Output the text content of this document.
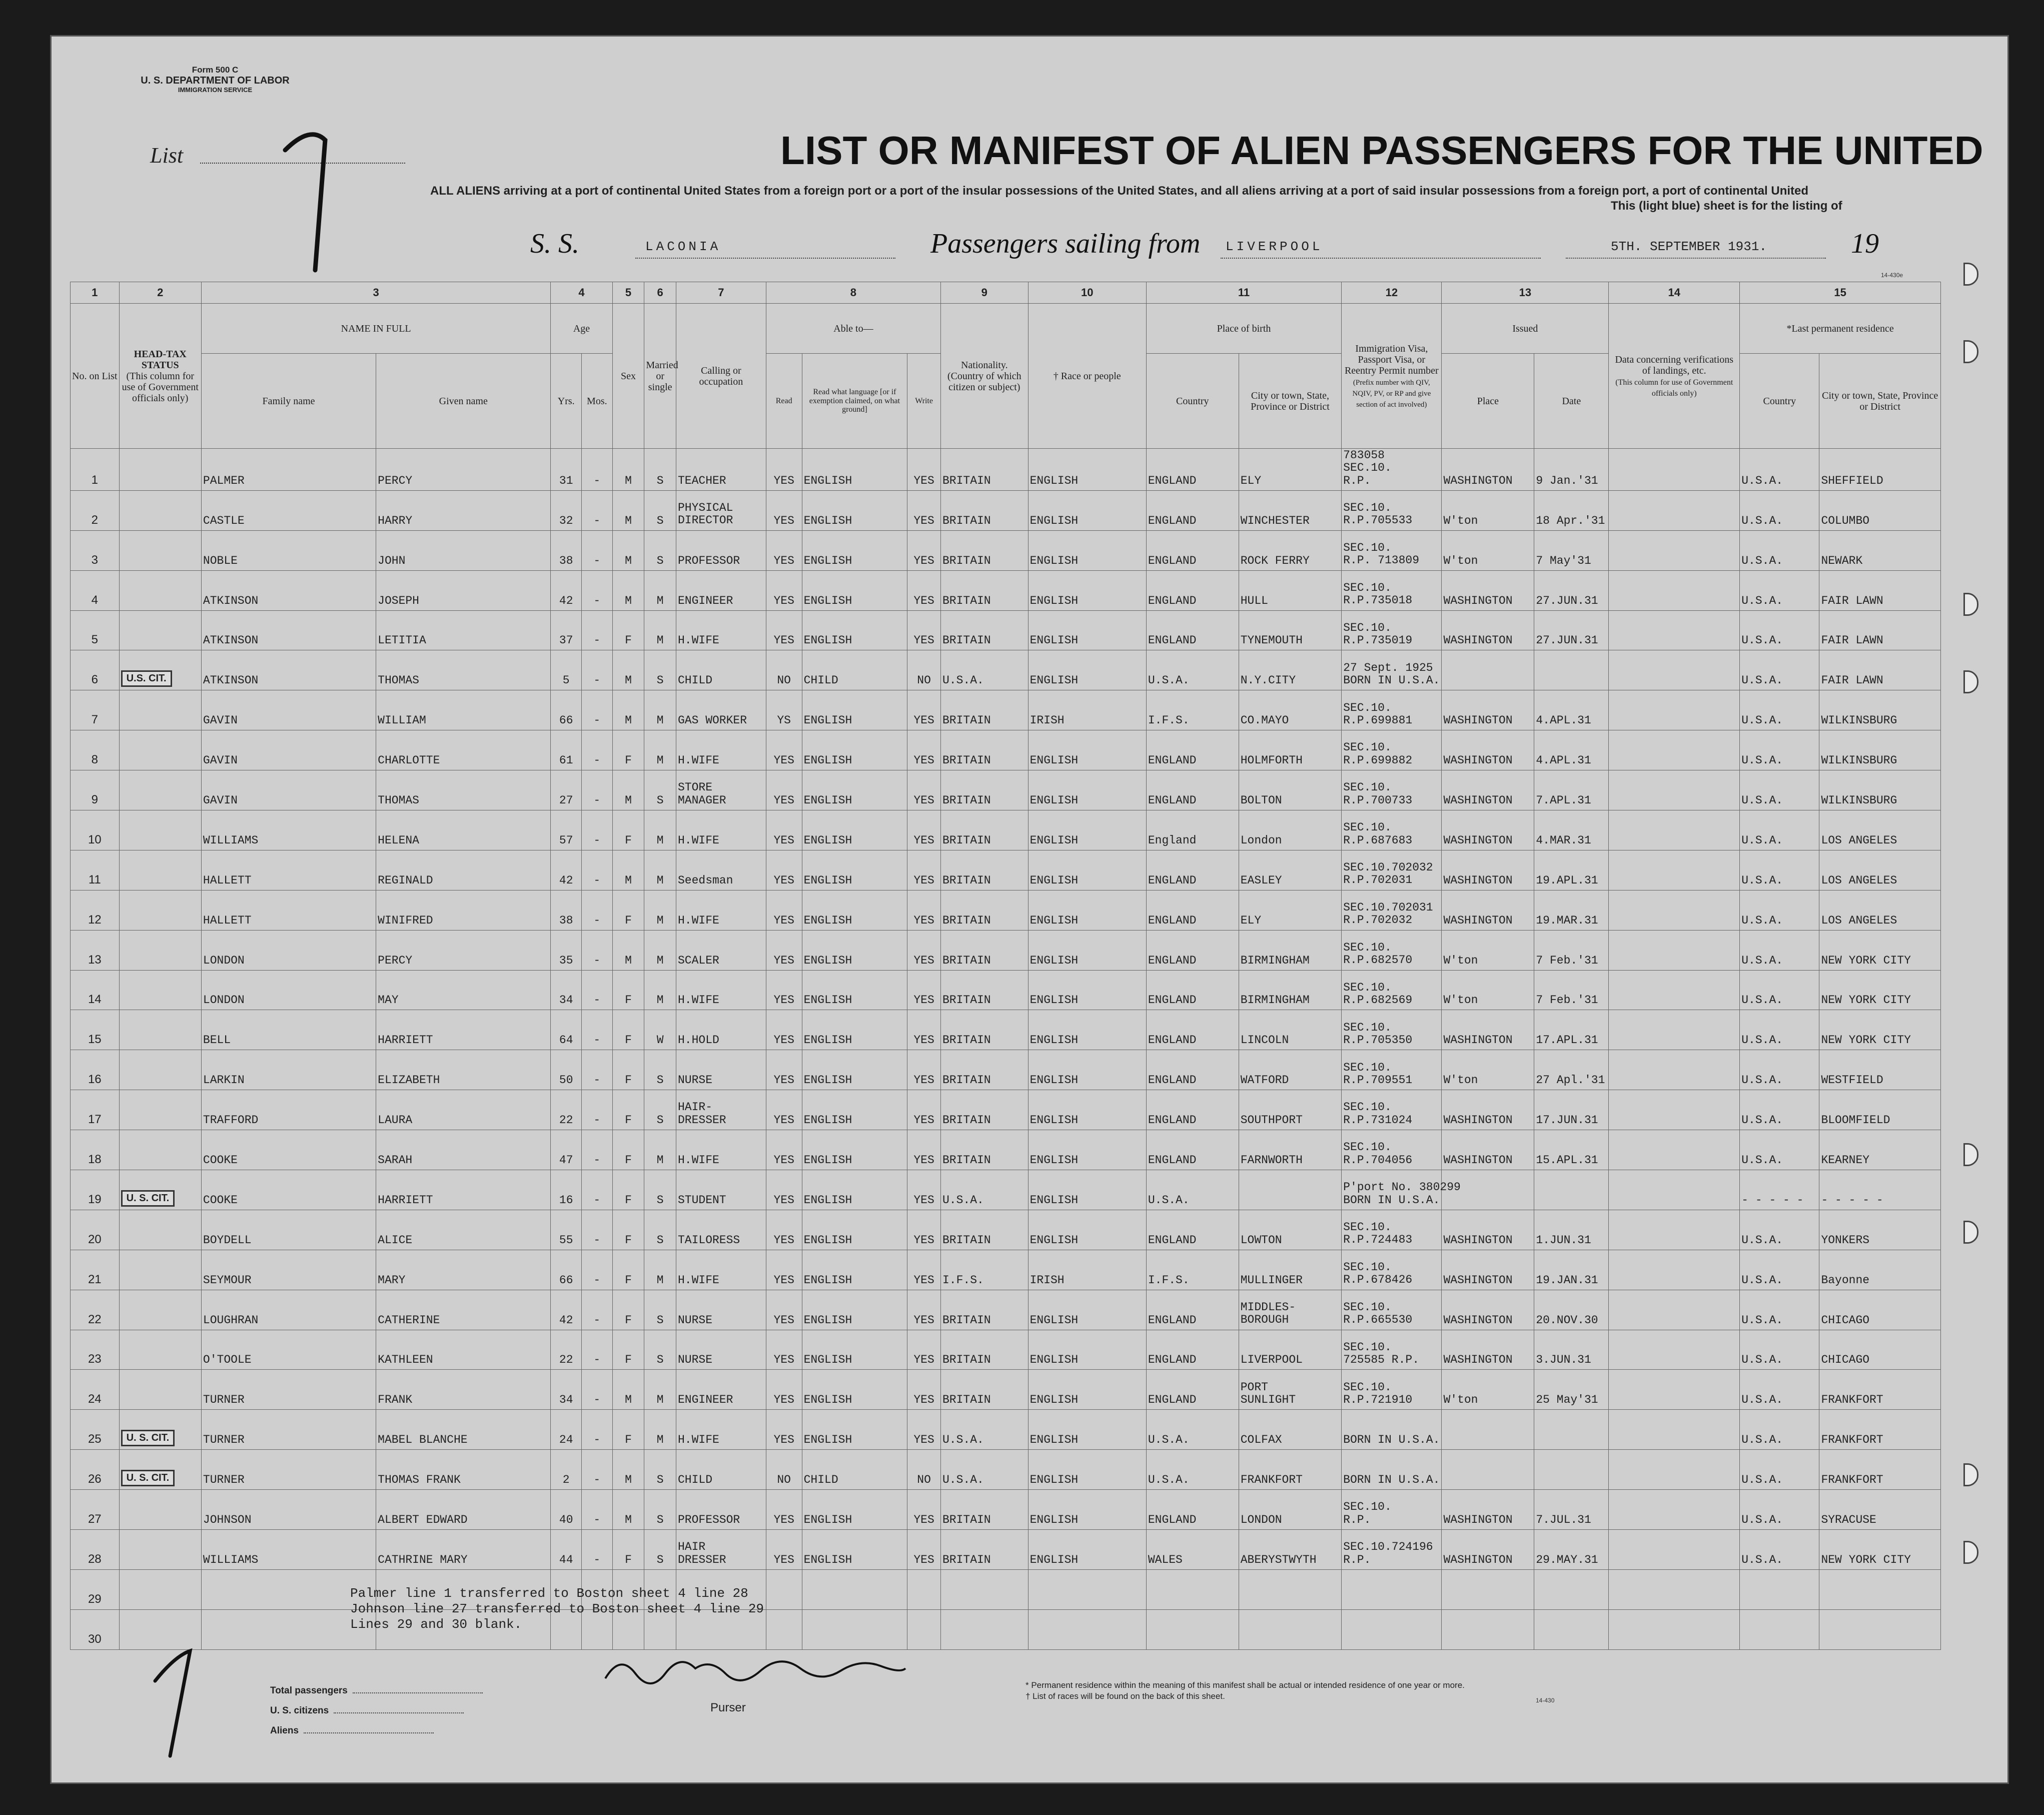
Form 500 C
U. S. DEPARTMENT OF LABOR
IMMIGRATION SERVICE
List	LIST OR MANIFEST OF ALIEN PASSENGERS FOR THE UNITED
ALL ALIENS arriving at a port of continental United States from a foreign port or a port of the insular possessions of the United States, and all aliens arriving at a port of said insular possessions from a foreign port, a port of continental United
This (light blue) sheet is for the listing of
S. S.	LACONIA	Passengers sailing from LIVERPOOL	5TH. SEPTEMBER 1931.	19
14-430e
1	2	3		4		5	6	7	8			9	10	11		12	13		14	15	
No. on List	HEAD-TAX STATUS
(This column for use of Government officials only)	NAME IN FULL		Age		Sex	Married or single	Calling or occupation	Able to—			Nationality. (Country of which citizen or subject)	† Race or people	Place of birth		Immigration Visa, Passport Visa, or Reentry Permit number
(Prefix number with QIV, NQIV, PV, or RP and give section of act involved)	Issued		Data concerning verifications of landings, etc.
(This column for use of Government officials only)	*Last permanent residence	
		Family name	Given name	Yrs.	Mos.				Read	Read what language [or if exemption claimed, on what ground]	Write			Country	City or town, State, Province or District		Place	Date		Country	City or town, State, Province or District
1		PALMER	PERCY	31	-	M	S	TEACHER	YES	ENGLISH	YES	BRITAIN	ENGLISH	ENGLAND	ELY	783058
SEC.10.
R.P.	WASHINGTON	9 Jan.'31		U.S.A.	SHEFFIELD
2		CASTLE	HARRY	32	-	M	S	PHYSICAL
DIRECTOR	YES	ENGLISH	YES	BRITAIN	ENGLISH	ENGLAND	WINCHESTER	SEC.10.
R.P.705533	W'ton	18 Apr.'31		U.S.A.	COLUMBO
3		NOBLE	JOHN	38	-	M	S	PROFESSOR	YES	ENGLISH	YES	BRITAIN	ENGLISH	ENGLAND	ROCK FERRY	SEC.10.
R.P. 713809	W'ton	7 May'31		U.S.A.	NEWARK
4		ATKINSON	JOSEPH	42	-	M	M	ENGINEER	YES	ENGLISH	YES	BRITAIN	ENGLISH	ENGLAND	HULL	SEC.10.
R.P.735018	WASHINGTON	27.JUN.31		U.S.A.	FAIR LAWN
5		ATKINSON	LETITIA	37	-	F	M	H.WIFE	YES	ENGLISH	YES	BRITAIN	ENGLISH	ENGLAND	TYNEMOUTH	SEC.10.
R.P.735019	WASHINGTON	27.JUN.31		U.S.A.	FAIR LAWN
6	U.S. CIT.	ATKINSON	THOMAS	5	-	M	S	CHILD	NO	CHILD	NO	U.S.A.	ENGLISH	U.S.A.	N.Y.CITY	27 Sept. 1925
BORN IN U.S.A.				U.S.A.	FAIR LAWN
7		GAVIN	WILLIAM	66	-	M	M	GAS WORKER	YS	ENGLISH	YES	BRITAIN	IRISH	I.F.S.	CO.MAYO	SEC.10.
R.P.699881	WASHINGTON	4.APL.31		U.S.A.	WILKINSBURG
8		GAVIN	CHARLOTTE	61	-	F	M	H.WIFE	YES	ENGLISH	YES	BRITAIN	ENGLISH	ENGLAND	HOLMFORTH	SEC.10.
R.P.699882	WASHINGTON	4.APL.31		U.S.A.	WILKINSBURG
9		GAVIN	THOMAS	27	-	M	S	STORE
MANAGER	YES	ENGLISH	YES	BRITAIN	ENGLISH	ENGLAND	BOLTON	SEC.10.
R.P.700733	WASHINGTON	7.APL.31		U.S.A.	WILKINSBURG
10		WILLIAMS	HELENA	57	-	F	M	H.WIFE	YES	ENGLISH	YES	BRITAIN	ENGLISH	England	London	SEC.10.
R.P.687683	WASHINGTON	4.MAR.31		U.S.A.	LOS ANGELES
11		HALLETT	REGINALD	42	-	M	M	Seedsman	YES	ENGLISH	YES	BRITAIN	ENGLISH	ENGLAND	EASLEY	SEC.10.702032
R.P.702031	WASHINGTON	19.APL.31		U.S.A.	LOS ANGELES
12		HALLETT	WINIFRED	38	-	F	M	H.WIFE	YES	ENGLISH	YES	BRITAIN	ENGLISH	ENGLAND	ELY	SEC.10.702031
R.P.702032	WASHINGTON	19.MAR.31		U.S.A.	LOS ANGELES
13		LONDON	PERCY	35	-	M	M	SCALER	YES	ENGLISH	YES	BRITAIN	ENGLISH	ENGLAND	BIRMINGHAM	SEC.10.
R.P.682570	W'ton	7 Feb.'31		U.S.A.	NEW YORK CITY
14		LONDON	MAY	34	-	F	M	H.WIFE	YES	ENGLISH	YES	BRITAIN	ENGLISH	ENGLAND	BIRMINGHAM	SEC.10.
R.P.682569	W'ton	7 Feb.'31		U.S.A.	NEW YORK CITY
15		BELL	HARRIETT	64	-	F	W	H.HOLD	YES	ENGLISH	YES	BRITAIN	ENGLISH	ENGLAND	LINCOLN	SEC.10.
R.P.705350	WASHINGTON	17.APL.31		U.S.A.	NEW YORK CITY
16		LARKIN	ELIZABETH	50	-	F	S	NURSE	YES	ENGLISH	YES	BRITAIN	ENGLISH	ENGLAND	WATFORD	SEC.10.
R.P.709551	W'ton	27 Apl.'31		U.S.A.	WESTFIELD
17		TRAFFORD	LAURA	22	-	F	S	HAIR-
DRESSER	YES	ENGLISH	YES	BRITAIN	ENGLISH	ENGLAND	SOUTHPORT	SEC.10.
R.P.731024	WASHINGTON	17.JUN.31		U.S.A.	BLOOMFIELD
18		COOKE	SARAH	47	-	F	M	H.WIFE	YES	ENGLISH	YES	BRITAIN	ENGLISH	ENGLAND	FARNWORTH	SEC.10.
R.P.704056	WASHINGTON	15.APL.31		U.S.A.	KEARNEY
19	U. S. CIT.	COOKE	HARRIETT	16	-	F	S	STUDENT	YES	ENGLISH	YES	U.S.A.	ENGLISH	U.S.A.		P'port No. 380299
BORN IN U.S.A.				- - - - -	- - - - -
20		BOYDELL	ALICE	55	-	F	S	TAILORESS	YES	ENGLISH	YES	BRITAIN	ENGLISH	ENGLAND	LOWTON	SEC.10.
R.P.724483	WASHINGTON	1.JUN.31		U.S.A.	YONKERS
21		SEYMOUR	MARY	66	-	F	M	H.WIFE	YES	ENGLISH	YES	I.F.S.	IRISH	I.F.S.	MULLINGER	SEC.10.
R.P.678426	WASHINGTON	19.JAN.31		U.S.A.	Bayonne
22		LOUGHRAN	CATHERINE	42	-	F	S	NURSE	YES	ENGLISH	YES	BRITAIN	ENGLISH	ENGLAND	MIDDLES-
BOROUGH	SEC.10.
R.P.665530	WASHINGTON	20.NOV.30		U.S.A.	CHICAGO
23		O'TOOLE	KATHLEEN	22	-	F	S	NURSE	YES	ENGLISH	YES	BRITAIN	ENGLISH	ENGLAND	LIVERPOOL	SEC.10.
725585 R.P.	WASHINGTON	3.JUN.31		U.S.A.	CHICAGO
24		TURNER	FRANK	34	-	M	M	ENGINEER	YES	ENGLISH	YES	BRITAIN	ENGLISH	ENGLAND	PORT
SUNLIGHT	SEC.10.
R.P.721910	W'ton	25 May'31		U.S.A.	FRANKFORT
25	U. S. CIT.	TURNER	MABEL BLANCHE	24	-	F	M	H.WIFE	YES	ENGLISH	YES	U.S.A.	ENGLISH	U.S.A.	COLFAX	BORN IN U.S.A.				U.S.A.	FRANKFORT
26	U. S. CIT.	TURNER	THOMAS FRANK	2	-	M	S	CHILD	NO	CHILD	NO	U.S.A.	ENGLISH	U.S.A.	FRANKFORT	BORN IN U.S.A.				U.S.A.	FRANKFORT
27		JOHNSON	ALBERT EDWARD	40	-	M	S	PROFESSOR	YES	ENGLISH	YES	BRITAIN	ENGLISH	ENGLAND	LONDON	SEC.10.
R.P.	WASHINGTON	7.JUL.31		U.S.A.	SYRACUSE
28		WILLIAMS	CATHRINE MARY	44	-	F	S	HAIR
DRESSER	YES	ENGLISH	YES	BRITAIN	ENGLISH	WALES	ABERYSTWYTH	SEC.10.724196
R.P.	WASHINGTON	29.MAY.31		U.S.A.	NEW YORK CITY
29																					
30																					
Palmer line 1 transferred to Boston sheet 4 line 28
Johnson line 27 transferred to Boston sheet 4 line 29
Lines 29 and 30 blank.
Total passengers
U. S. citizens
Aliens
Purser
* Permanent residence within the meaning of this manifest shall be actual or intended residence of one year or more.
† List of races will be found on the back of this sheet.	14-430
